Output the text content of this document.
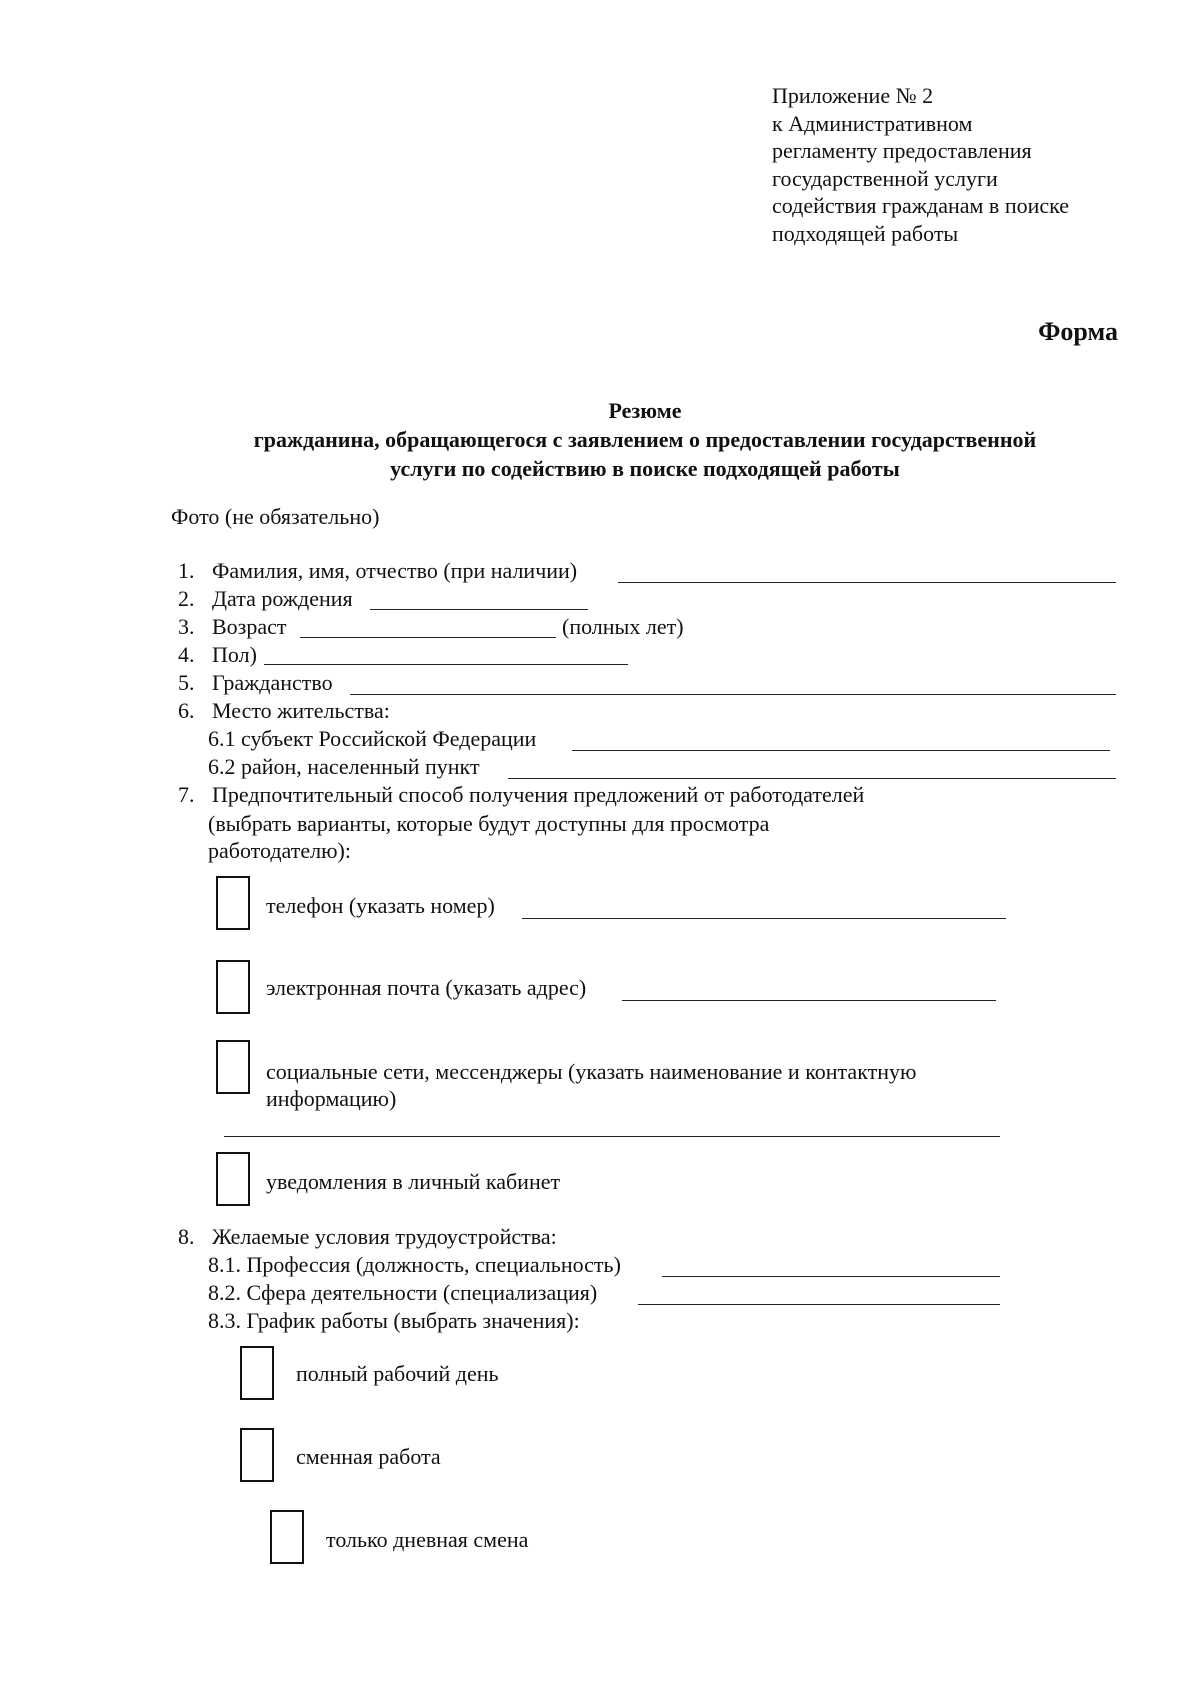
Приложение № 2
к Административном
регламенту предоставления
государственной услуги
содействия гражданам в поиске
подходящей работы
Форма
Резюме
гражданина, обращающегося с заявлением о предоставлении государственной
услуги по содействию в поиске подходящей работы
Фото (не обязательно)
1. Фамилия, имя, отчество (при наличии)
2. Дата рождения
3. Возраст	(полных лет)
4. Пол)
5. Гражданство
6. Место жительства:
6.1 субъект Российской Федерации
6.2 район, населенный пункт
7. Предпочтительный способ получения предложений от работодателей
(выбрать варианты, которые будут доступны для просмотра
работодателю):
телефон (указать номер)
электронная почта (указать адрес)
социальные сети, мессенджеры (указать наименование и контактную
информацию)
уведомления в личный кабинет
8. Желаемые условия трудоустройства:
8.1. Профессия (должность, специальность)
8.2. Сфера деятельности (специализация)
8.3. График работы (выбрать значения):
полный рабочий день
сменная работа
только дневная смена
